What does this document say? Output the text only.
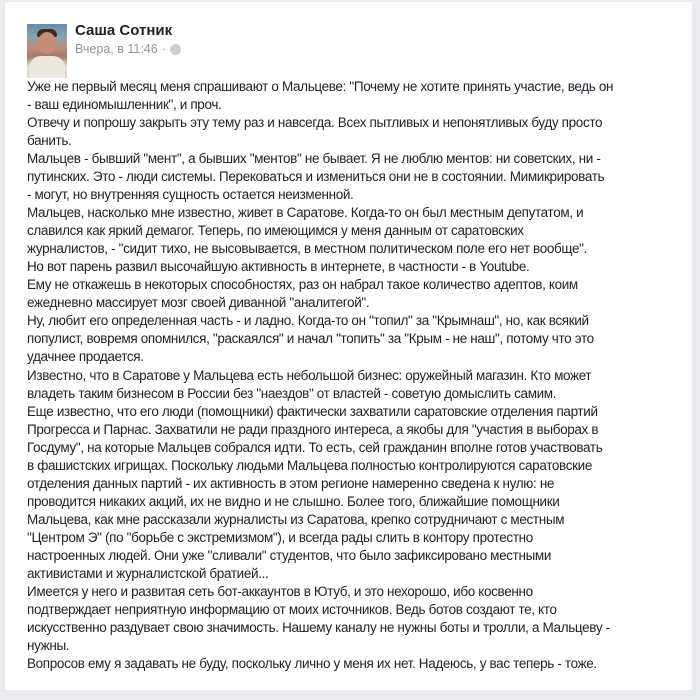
Саша Сотник
Вчера, в 11:46 ·
Уже не первый месяц меня спрашивают о Мальцеве: "Почему не хотите принять участие, ведь он
- ваш единомышленник", и проч.
Отвечу и попрошу закрыть эту тему раз и навсегда. Всех пытливых и непонятливых буду просто
банить.
Мальцев - бывший "мент", а бывших "ментов" не бывает. Я не люблю ментов: ни советских, ни -
путинских. Это - люди системы. Перековаться и измениться они не в состоянии. Мимикрировать
- могут, но внутренняя сущность остается неизменной.
Мальцев, насколько мне известно, живет в Саратове. Когда-то он был местным депутатом, и
славился как яркий демагог. Теперь, по имеющимся у меня данным от саратовских
журналистов, - "сидит тихо, не высовывается, в местном политическом поле его нет вообще".
Но вот парень развил высочайшую активность в интернете, в частности - в Youtube.
Ему не откажешь в некоторых способностях, раз он набрал такое количество адептов, коим
ежедневно массирует мозг своей диванной "аналитегой".
Ну, любит его определенная часть - и ладно. Когда-то он "топил" за "Крымнаш", но, как всякий
популист, вовремя опомнился, "раскаялся" и начал "топить" за "Крым - не наш", потому что это
удачнее продается.
Известно, что в Саратове у Мальцева есть небольшой бизнес: оружейный магазин. Кто может
владеть таким бизнесом в России без "наездов" от властей - советую домыслить самим.
Еще известно, что его люди (помощники) фактически захватили саратовские отделения партий
Прогресса и Парнас. Захватили не ради праздного интереса, а якобы для "участия в выборах в
Госдуму", на которые Мальцев собрался идти. То есть, сей гражданин вполне готов участвовать
в фашистских игрищах. Поскольку людьми Мальцева полностью контролируются саратовские
отделения данных партий - их активность в этом регионе намеренно сведена к нулю: не
проводится никаких акций, их не видно и не слышно. Более того, ближайшие помощники
Мальцева, как мне рассказали журналисты из Саратова, крепко сотрудничают с местным
"Центром Э" (по "борьбе с экстремизмом"), и всегда рады слить в контору протестно
настроенных людей. Они уже "сливали" студентов, что было зафиксировано местными
активистами и журналистской братией...
Имеется у него и развитая сеть бот-аккаунтов в Ютуб, и это нехорошо, ибо косвенно
подтверждает неприятную информацию от моих источников. Ведь ботов создают те, кто
искусственно раздувает свою значимость. Нашему каналу не нужны боты и тролли, а Мальцеву -
нужны.
Вопросов ему я задавать не буду, поскольку лично у меня их нет. Надеюсь, у вас теперь - тоже.
